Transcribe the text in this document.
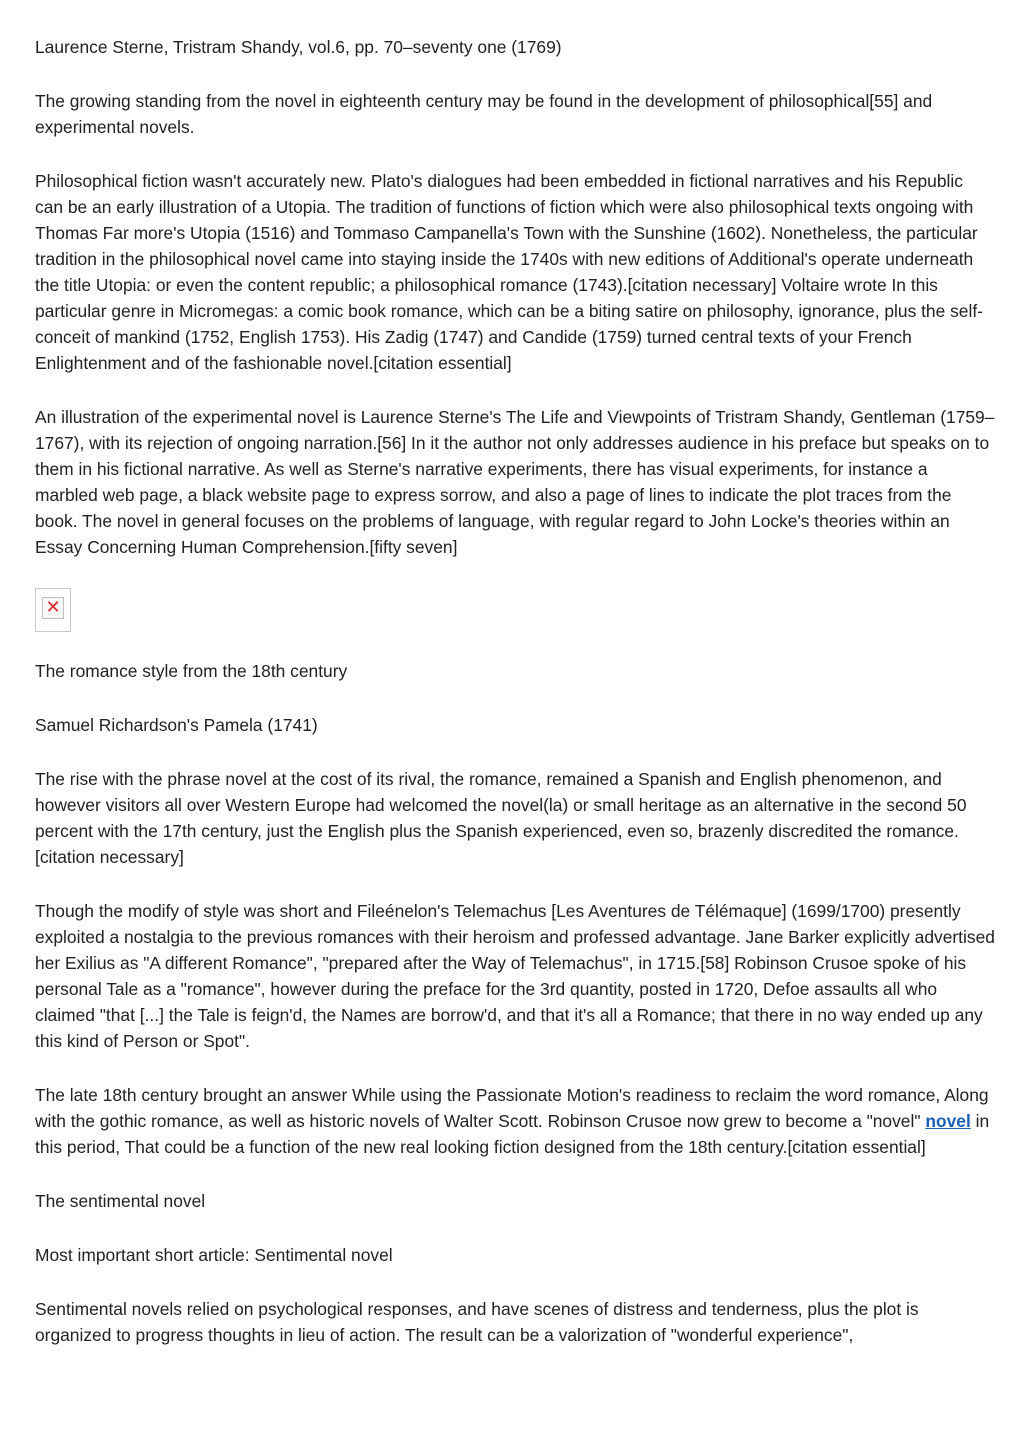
Laurence Sterne, Tristram Shandy, vol.6, pp. 70–seventy one (1769)

The growing standing from the novel in eighteenth century may be found in the development of philosophical[55] and experimental novels.

Philosophical fiction wasn't accurately new. Plato's dialogues had been embedded in fictional narratives and his Republic can be an early illustration of a Utopia. The tradition of functions of fiction which were also philosophical texts ongoing with Thomas Far more's Utopia (1516) and Tommaso Campanella's Town with the Sunshine (1602). Nonetheless, the particular tradition in the philosophical novel came into staying inside the 1740s with new editions of Additional's operate underneath the title Utopia: or even the content republic; a philosophical romance (1743).[citation necessary] Voltaire wrote In this particular genre in Micromegas: a comic book romance, which can be a biting satire on philosophy, ignorance, plus the self-conceit of mankind (1752, English 1753). His Zadig (1747) and Candide (1759) turned central texts of your French Enlightenment and of the fashionable novel.[citation essential]

An illustration of the experimental novel is Laurence Sterne's The Life and Viewpoints of Tristram Shandy, Gentleman (1759–1767), with its rejection of ongoing narration.[56] In it the author not only addresses audience in his preface but speaks on to them in his fictional narrative. As well as Sterne's narrative experiments, there has visual experiments, for instance a marbled web page, a black website page to express sorrow, and also a page of lines to indicate the plot traces from the book. The novel in general focuses on the problems of language, with regular regard to John Locke's theories within an Essay Concerning Human Comprehension.[fifty seven]

✕

The romance style from the 18th century

Samuel Richardson's Pamela (1741)

The rise with the phrase novel at the cost of its rival, the romance, remained a Spanish and English phenomenon, and however visitors all over Western Europe had welcomed the novel(la) or small heritage as an alternative in the second 50 percent with the 17th century, just the English plus the Spanish experienced, even so, brazenly discredited the romance.[citation necessary]

Though the modify of style was short and Fileénelon's Telemachus [Les Aventures de Télémaque] (1699/1700) presently exploited a nostalgia to the previous romances with their heroism and professed advantage. Jane Barker explicitly advertised her Exilius as "A different Romance", "prepared after the Way of Telemachus", in 1715.[58] Robinson Crusoe spoke of his personal Tale as a "romance", however during the preface for the 3rd quantity, posted in 1720, Defoe assaults all who claimed "that [...] the Tale is feign'd, the Names are borrow'd, and that it's all a Romance; that there in no way ended up any this kind of Person or Spot".

The late 18th century brought an answer While using the Passionate Motion's readiness to reclaim the word romance, Along with the gothic romance, as well as historic novels of Walter Scott. Robinson Crusoe now grew to become a "novel" novel in this period, That could be a function of the new real looking fiction designed from the 18th century.[citation essential]

The sentimental novel

Most important short article: Sentimental novel

Sentimental novels relied on psychological responses, and have scenes of distress and tenderness, plus the plot is organized to progress thoughts in lieu of action. The result can be a valorization of "wonderful experience",
